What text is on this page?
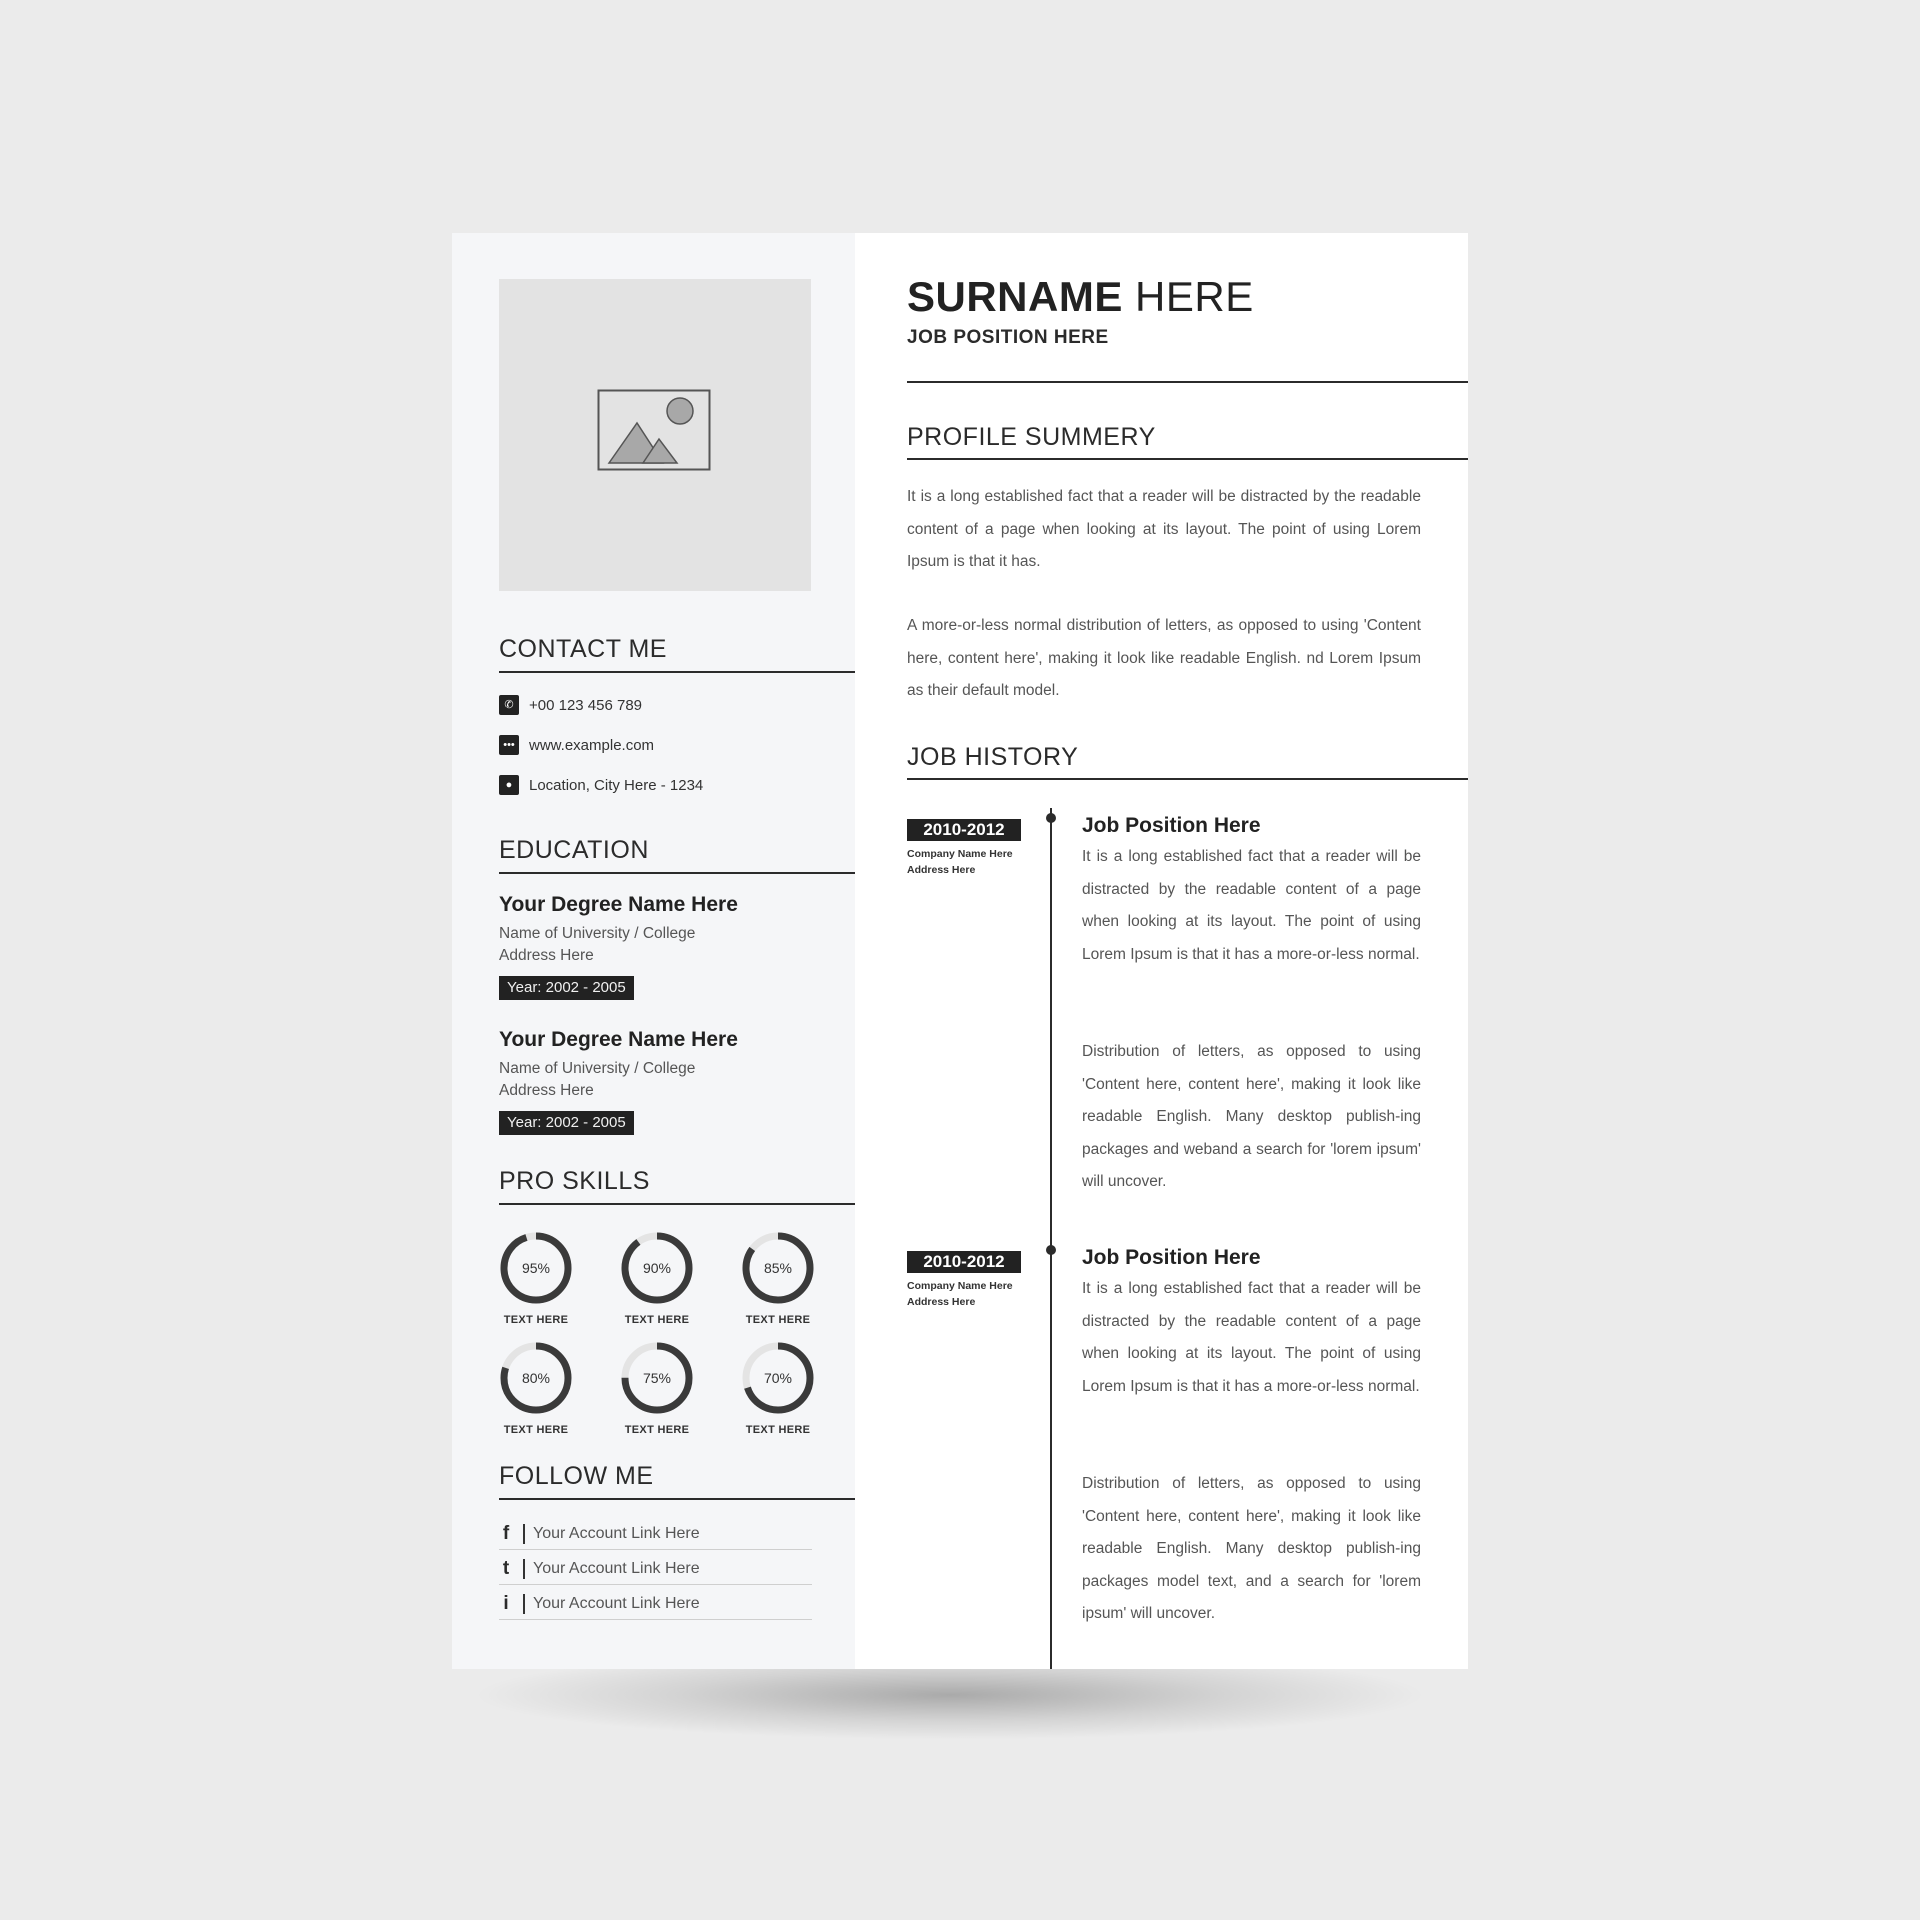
CONTACT ME
✆	+00 123 456 789
••• www.example.com
●	Location, City Here - 1234
EDUCATION
Your Degree Name Here
Name of University / College
Address Here
Year: 2002 - 2005
Your Degree Name Here
Name of University / College
Address Here
Year: 2002 - 2005
PRO SKILLS
95%
TEXT HERE
90%
TEXT HERE
85%
TEXT HERE
80%
TEXT HERE
75%
TEXT HERE
70%
TEXT HERE
FOLLOW ME
f Your Account Link Here
t Your Account Link Here
i Your Account Link Here
SURNAME HERE
JOB POSITION HERE
PROFILE SUMMERY
It is a long established fact that a reader will be distracted by the readable content of a page when looking at its layout. The point of using Lorem Ipsum is that it has.
A more-or-less normal distribution of letters, as opposed to using 'Content here, content here', making it look like readable English. nd Lorem Ipsum as their default model.
JOB HISTORY
2010-2012
Company Name Here
Address Here
Job Position Here
It is a long established fact that a reader will be distracted by the readable content of a page when looking at its layout. The point of using Lorem Ipsum is that it has a more-or-less normal.
Distribution of letters, as opposed to using 'Content here, content here', making it look like readable English. Many desktop publish-ing packages and weband a search for 'lorem ipsum' will uncover.
2010-2012
Company Name Here
Address Here
Job Position Here
It is a long established fact that a reader will be distracted by the readable content of a page when looking at its layout. The point of using Lorem Ipsum is that it has a more-or-less normal.
Distribution of letters, as opposed to using 'Content here, content here', making it look like readable English. Many desktop publish-ing packages model text, and a search for 'lorem ipsum' will uncover.
